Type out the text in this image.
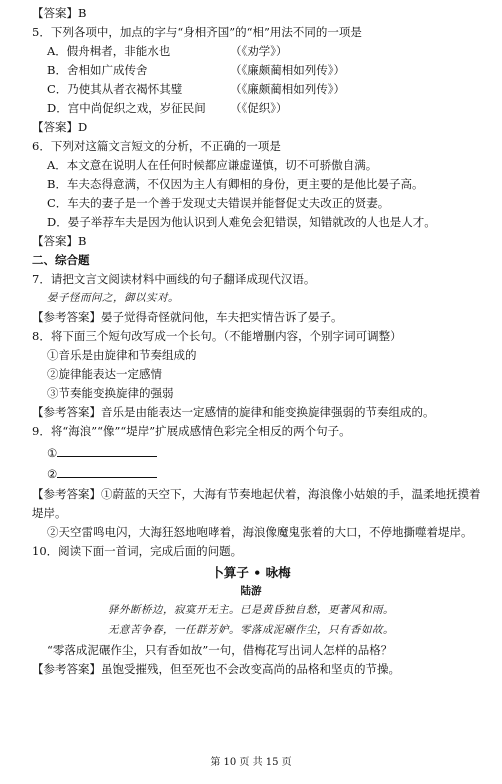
【答案】B
5．下列各项中，加点的字与“身相齐国”的“相”用法不同的一项是
A．假舟楫者，非能水也	（《劝学》）
B．舍相如广成传舍	（《廉颇蔺相如列传》）
C．乃使其从者衣褐怀其璧	（《廉颇蔺相如列传》）
D．宫中尚促织之戏，岁征民间 （《促织》）
【答案】D
6．下列对这篇文言短文的分析，不正确的一项是
A．本文意在说明人在任何时候都应谦虚谨慎，切不可骄傲自满。
B．车夫态得意满，不仅因为主人有卿相的身份，更主要的是他比晏子高。
C．车夫的妻子是一个善于发现丈夫错误并能督促丈夫改正的贤妻。
D．晏子举荐车夫是因为他认识到人难免会犯错误，知错就改的人也是人才。
【答案】B
二、综合题
7．请把文言文阅读材料中画线的句子翻译成现代汉语。
晏子怪而问之，御以实对。
【参考答案】晏子觉得奇怪就问他，车夫把实情告诉了晏子。
8．将下面三个短句改写成一个长句。（不能增删内容，个别字词可调整）
①音乐是由旋律和节奏组成的
②旋律能表达一定感情
③节奏能变换旋律的强弱
【参考答案】音乐是由能表达一定感情的旋律和能变换旋律强弱的节奏组成的。
9．将“海浪”“像”“堤岸”扩展成感情色彩完全相反的两个句子。
①
②
【参考答案】①蔚蓝的天空下，大海有节奏地起伏着，海浪像小姑娘的手，温柔地抚摸着
堤岸。
②天空雷鸣电闪，大海狂怒地咆哮着，海浪像魔鬼张着的大口，不停地撕噬着堤岸。
10．阅读下面一首词，完成后面的问题。
卜算子 • 咏梅
陆游
驿外断桥边，寂寞开无主。已是黄昏独自愁，更著风和雨。
无意苦争春，一任群芳妒。零落成泥碾作尘，只有香如故。
“零落成泥碾作尘，只有香如故”一句，借梅花写出词人怎样的品格？
【参考答案】虽饱受摧残，但至死也不会改变高尚的品格和坚贞的节操。
第 10 页 共 15 页
